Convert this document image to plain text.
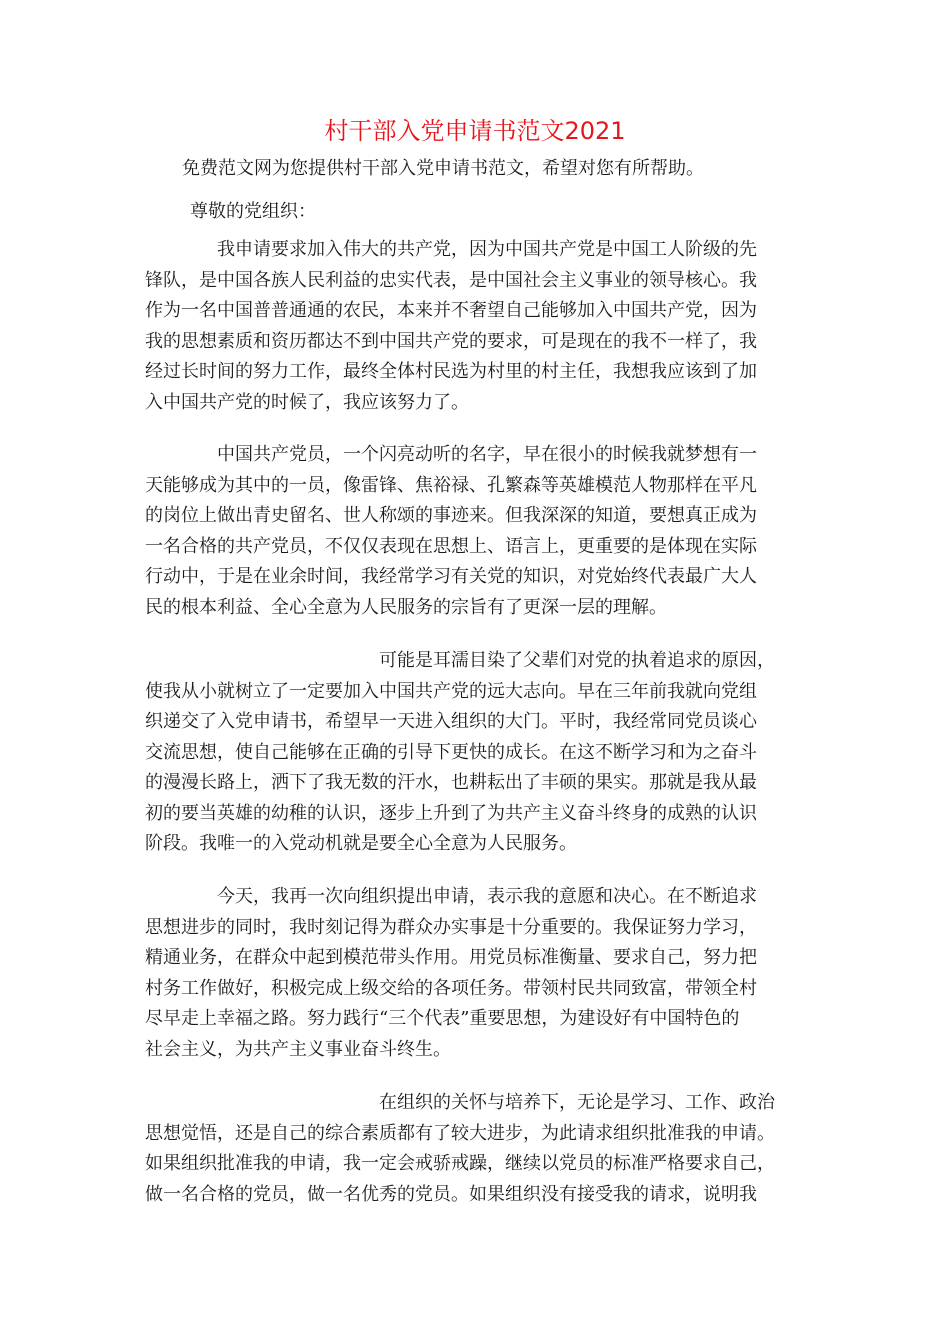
村干部入党申请书范文2021
免费范文网为您提供村干部入党申请书范文，希望对您有所帮助。
尊敬的党组织：
　　　　我申请要求加入伟大的共产党，因为中国共产党是中国工人阶级的先
锋队，是中国各族人民利益的忠实代表，是中国社会主义事业的领导核心。我
作为一名中国普普通通的农民，本来并不奢望自己能够加入中国共产党，因为
我的思想素质和资历都达不到中国共产党的要求，可是现在的我不一样了，我
经过长时间的努力工作，最终全体村民选为村里的村主任，我想我应该到了加
入中国共产党的时候了，我应该努力了。
　　　　中国共产党员，一个闪亮动听的名字，早在很小的时候我就梦想有一
天能够成为其中的一员，像雷锋、焦裕禄、孔繁森等英雄模范人物那样在平凡
的岗位上做出青史留名、世人称颂的事迹来。但我深深的知道，要想真正成为
一名合格的共产党员，不仅仅表现在思想上、语言上，更重要的是体现在实际
行动中，于是在业余时间，我经常学习有关党的知识，对党始终代表最广大人
民的根本利益、全心全意为人民服务的宗旨有了更深一层的理解。
　　　　　　　　　　　　　可能是耳濡目染了父辈们对党的执着追求的原因，
使我从小就树立了一定要加入中国共产党的远大志向。早在三年前我就向党组
织递交了入党申请书，希望早一天进入组织的大门。平时，我经常同党员谈心
交流思想，使自己能够在正确的引导下更快的成长。在这不断学习和为之奋斗
的漫漫长路上，洒下了我无数的汗水，也耕耘出了丰硕的果实。那就是我从最
初的要当英雄的幼稚的认识，逐步上升到了为共产主义奋斗终身的成熟的认识
阶段。我唯一的入党动机就是要全心全意为人民服务。
　　　　今天，我再一次向组织提出申请，表示我的意愿和决心。在不断追求
思想进步的同时，我时刻记得为群众办实事是十分重要的。我保证努力学习，
精通业务，在群众中起到模范带头作用。用党员标准衡量、要求自己，努力把
村务工作做好，积极完成上级交给的各项任务。带领村民共同致富，带领全村
尽早走上幸福之路。努力践行“三个代表”重要思想，为建设好有中国特色的
社会主义，为共产主义事业奋斗终生。
　　　　　　　　　　　　　在组织的关怀与培养下，无论是学习、工作、政治
思想觉悟，还是自己的综合素质都有了较大进步，为此请求组织批准我的申请。
如果组织批准我的申请，我一定会戒骄戒躁，继续以党员的标准严格要求自己，
做一名合格的党员，做一名优秀的党员。如果组织没有接受我的请求，说明我
